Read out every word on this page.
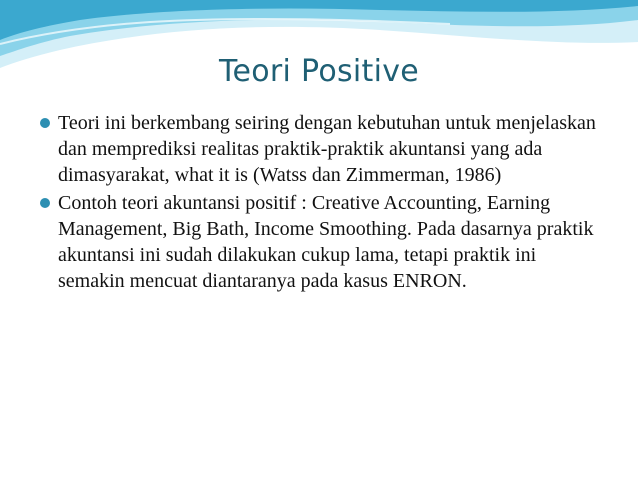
Teori Positive
Teori ini berkembang seiring dengan kebutuhan untuk menjelaskan dan memprediksi realitas praktik-praktik akuntansi yang ada dimasyarakat, what it is (Watss dan Zimmerman, 1986)
Contoh teori akuntansi positif : Creative Accounting, Earning Management, Big Bath, Income Smoothing. Pada dasarnya praktik akuntansi ini sudah dilakukan cukup lama, tetapi praktik ini semakin mencuat diantaranya pada kasus ENRON.
